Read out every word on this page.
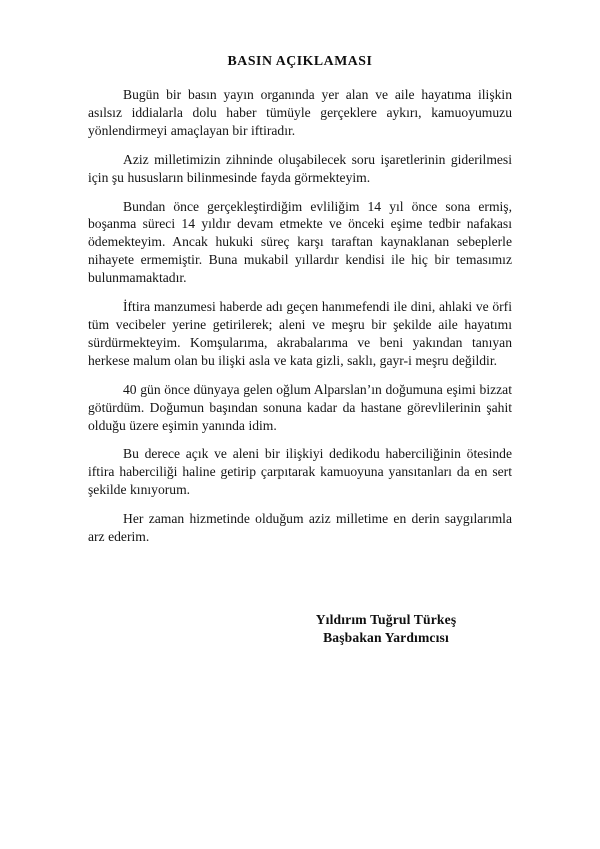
BASIN AÇIKLAMASI

Bugün bir basın yayın organında yer alan ve aile hayatıma ilişkin asılsız iddialarla dolu haber tümüyle gerçeklere aykırı, kamuoyumuzu yönlendirmeyi amaçlayan bir iftiradır.

Aziz milletimizin zihninde oluşabilecek soru işaretlerinin giderilmesi için şu hususların bilinmesinde fayda görmekteyim.

Bundan önce gerçekleştirdiğim evliliğim 14 yıl önce sona ermiş, boşanma süreci 14 yıldır devam etmekte ve önceki eşime tedbir nafakası ödemekteyim. Ancak hukuki süreç karşı taraftan kaynaklanan sebeplerle nihayete ermemiştir. Buna mukabil yıllardır kendisi ile hiç bir temasımız bulunmamaktadır.

İftira manzumesi haberde adı geçen hanımefendi ile dini, ahlaki ve örfi tüm vecibeler yerine getirilerek; aleni ve meşru bir şekilde aile hayatımı sürdürmekteyim. Komşularıma, akrabalarıma ve beni yakından tanıyan herkese malum olan bu ilişki asla ve kata gizli, saklı, gayr-i meşru değildir.

40 gün önce dünyaya gelen oğlum Alparslan’ın doğumuna eşimi bizzat götürdüm. Doğumun başından sonuna kadar da hastane görevlilerinin şahit olduğu üzere eşimin yanında idim.

Bu derece açık ve aleni bir ilişkiyi dedikodu haberciliğinin ötesinde iftira haberciliği haline getirip çarpıtarak kamuoyuna yansıtanları da en sert şekilde kınıyorum.

Her zaman hizmetinde olduğum aziz milletime en derin saygılarımla arz ederim.

Yıldırım Tuğrul Türkeş
Başbakan Yardımcısı
